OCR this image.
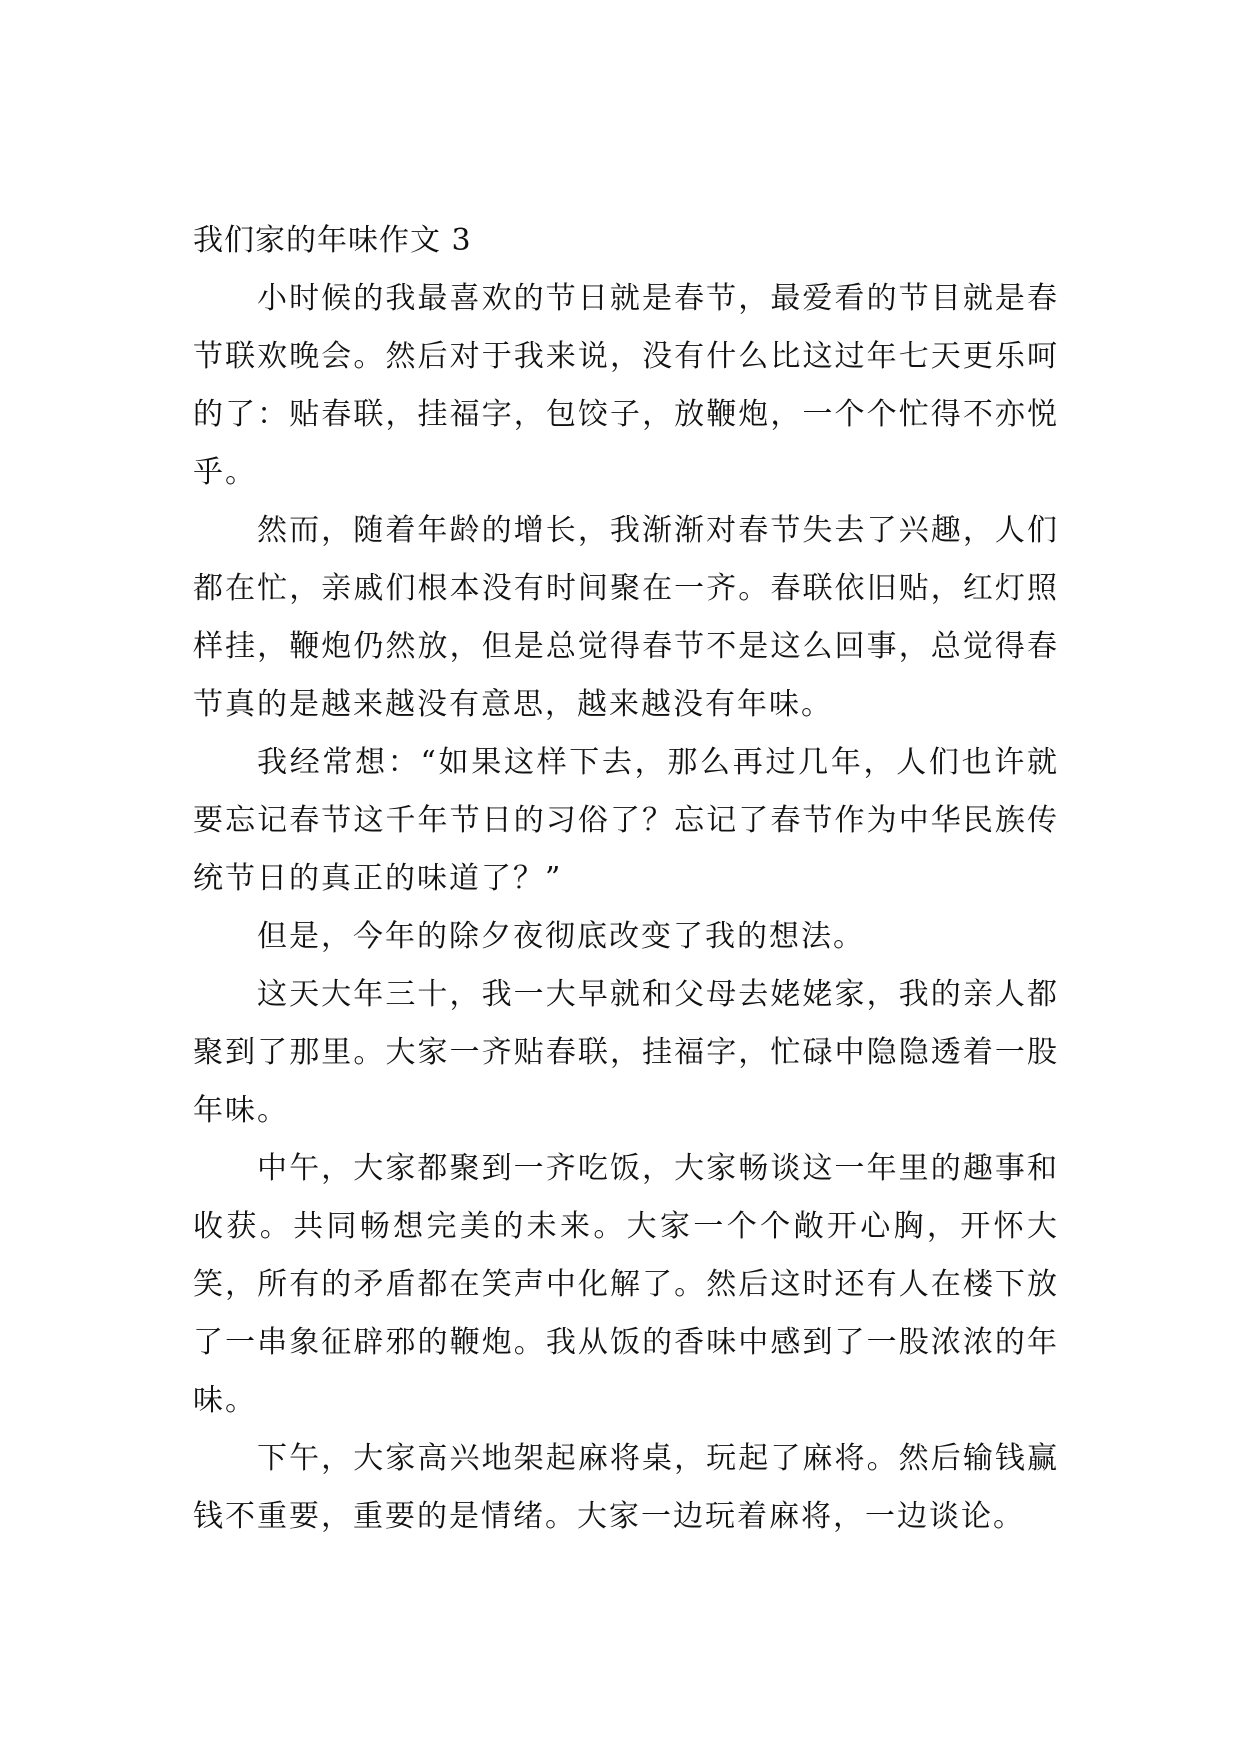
我们家的年味作文 3

小时候的我最喜欢的节日就是春节，最爱看的节目就是春节联欢晚会。然后对于我来说，没有什么比这过年七天更乐呵的了：贴春联，挂福字，包饺子，放鞭炮，一个个忙得不亦悦乎。

然而，随着年龄的增长，我渐渐对春节失去了兴趣，人们都在忙，亲戚们根本没有时间聚在一齐。春联依旧贴，红灯照样挂，鞭炮仍然放，但是总觉得春节不是这么回事，总觉得春节真的是越来越没有意思，越来越没有年味。

我经常想：“如果这样下去，那么再过几年，人们也许就要忘记春节这千年节日的习俗了？忘记了春节作为中华民族传统节日的真正的味道了？”

但是，今年的除夕夜彻底改变了我的想法。

这天大年三十，我一大早就和父母去姥姥家，我的亲人都聚到了那里。大家一齐贴春联，挂福字，忙碌中隐隐透着一股年味。

中午，大家都聚到一齐吃饭，大家畅谈这一年里的趣事和收获。共同畅想完美的未来。大家一个个敞开心胸，开怀大笑，所有的矛盾都在笑声中化解了。然后这时还有人在楼下放了一串象征辟邪的鞭炮。我从饭的香味中感到了一股浓浓的年味。

下午，大家高兴地架起麻将桌，玩起了麻将。然后输钱赢钱不重要，重要的是情绪。大家一边玩着麻将，一边谈论。
